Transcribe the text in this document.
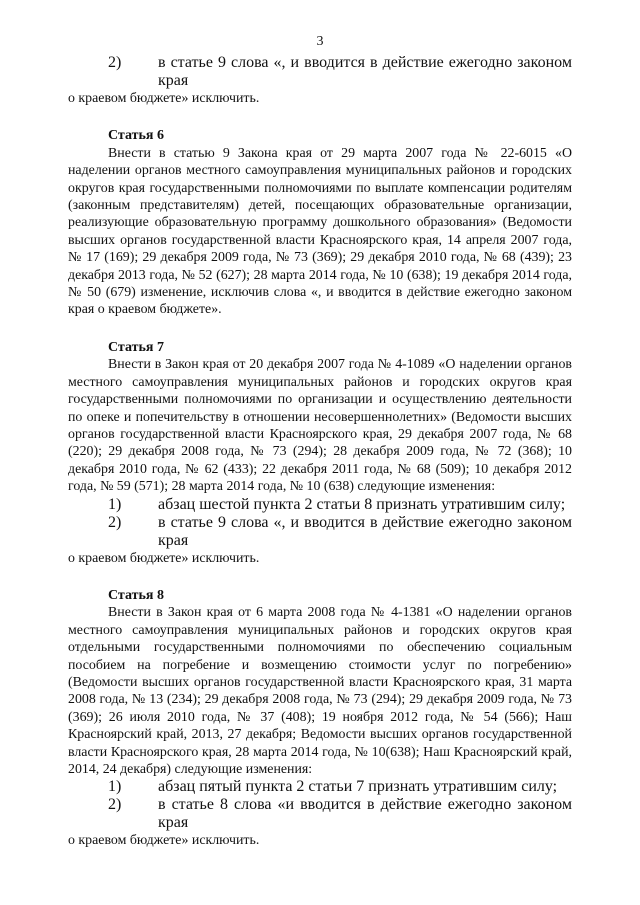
3
2)	в статье 9 слова «, и вводится в действие ежегодно законом края

о краевом бюджете» исключить.

Статья 6

Внести в статью 9 Закона края от 29 марта 2007 года № 22-6015 «О наделении органов местного самоуправления муниципальных районов и городских округов края государственными полномочиями по выплате компенсации родителям (законным представителям) детей, посещающих образовательные организации, реализующие образовательную программу дошкольного образования» (Ведомости высших органов государственной власти Красноярского края, 14 апреля 2007 года, № 17 (169); 29 декабря 2009 года, № 73 (369); 29 декабря 2010 года, № 68 (439); 23 декабря 2013 года, № 52 (627); 28 марта 2014 года, № 10 (638); 19 декабря 2014 года, № 50 (679) изменение, исключив слова «, и вводится в действие ежегодно законом края о краевом бюджете».

Статья 7

Внести в Закон края от 20 декабря 2007 года № 4-1089 «О наделении органов местного самоуправления муниципальных районов и городских округов края государственными полномочиями по организации и осуществлению деятельности по опеке и попечительству в отношении несовершеннолетних» (Ведомости высших органов государственной власти Красноярского края, 29 декабря 2007 года, № 68 (220); 29 декабря 2008 года, № 73 (294); 28 декабря 2009 года, № 72 (368); 10 декабря 2010 года, № 62 (433); 22 декабря 2011 года, № 68 (509); 10 декабря 2012 года, № 59 (571); 28 марта 2014 года, № 10 (638) следующие изменения:

1)	абзац шестой пункта 2 статьи 8 признать утратившим силу;
2)	в статье 9 слова «, и вводится в действие ежегодно законом края

о краевом бюджете» исключить.

Статья 8

Внести в Закон края от 6 марта 2008 года № 4-1381 «О наделении органов местного самоуправления муниципальных районов и городских округов края отдельными государственными полномочиями по обеспечению социальным пособием на погребение и возмещению стоимости услуг по погребению» (Ведомости высших органов государственной власти Красноярского края, 31 марта 2008 года, № 13 (234); 29 декабря 2008 года, № 73 (294); 29 декабря 2009 года, № 73 (369); 26 июля 2010 года, № 37 (408); 19 ноября 2012 года, № 54 (566); Наш Красноярский край, 2013, 27 декабря; Ведомости высших органов государственной власти Красноярского края, 28 марта 2014 года, № 10(638); Наш Красноярский край, 2014, 24 декабря) следующие изменения:

1)	абзац пятый пункта 2 статьи 7 признать утратившим силу;
2)	в статье 8 слова «и вводится в действие ежегодно законом края

о краевом бюджете» исключить.
